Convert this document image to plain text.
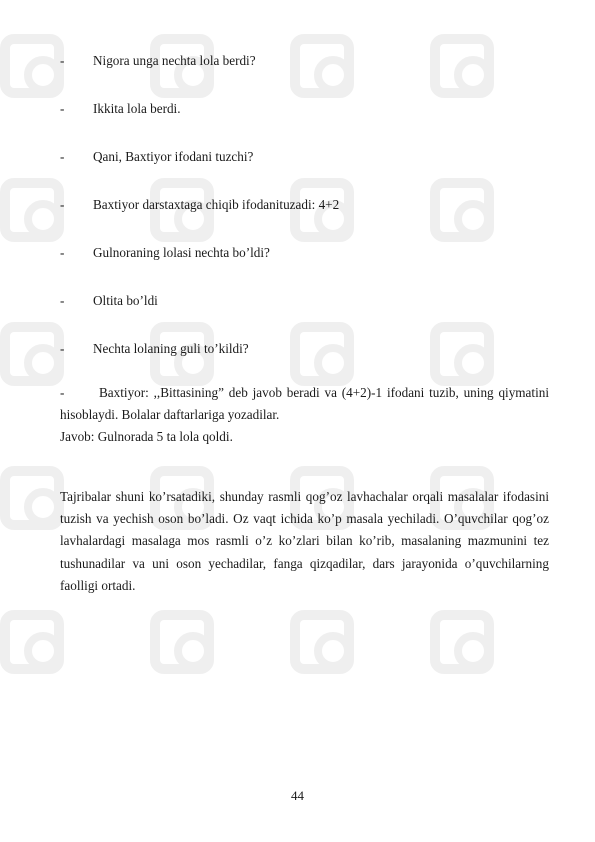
- Nigora unga nechta lola berdi?
- Ikkita lola berdi.
- Qani, Baxtiyor ifodani tuzchi?
- Baxtiyor darstaxtaga chiqib ifodanituzadi: 4+2
- Gulnoraning lolasi nechta bo’ldi?
- Oltita bo’ldi
- Nechta lolaning guli to’kildi?
-	Baxtiyor: ,,Bittasining” deb javob beradi va (4+2)-1 ifodani tuzib, uning qiymatini hisoblaydi. Bolalar daftarlariga yozadilar.
Javob: Gulnorada 5 ta lola qoldi.
Tajribalar shuni ko’rsatadiki, shunday rasmli qog’oz lavhachalar orqali masalalar ifodasini tuzish va yechish oson bo’ladi. Oz vaqt ichida ko’p masala yechiladi. O’quvchilar qog’oz lavhalardagi masalaga mos rasmli o’z ko’zlari bilan ko’rib, masalaning mazmunini tez tushunadilar va uni oson yechadilar, fanga qizqadilar, dars jarayonida o’quvchilarning faolligi ortadi.
44
